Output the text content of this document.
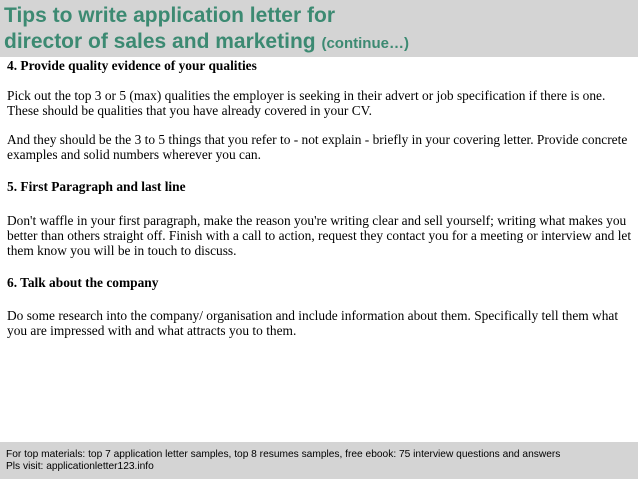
Tips to write application letter for
director of sales and marketing (continue…)

4. Provide quality evidence of your qualities

Pick out the top 3 or 5 (max) qualities the employer is seeking in their advert or job specification if there is one. These should be qualities that you have already covered in your CV.

And they should be the 3 to 5 things that you refer to - not explain - briefly in your covering letter. Provide concrete examples and solid numbers wherever you can.

5. First Paragraph and last line

Don't waffle in your first paragraph, make the reason you're writing clear and sell yourself; writing what makes you better than others straight off. Finish with a call to action, request they contact you for a meeting or interview and let them know you will be in touch to discuss.

6. Talk about the company

Do some research into the company/ organisation and include information about them. Specifically tell them what you are impressed with and what attracts you to them.

For top materials: top 7 application letter samples, top 8 resumes samples, free ebook: 75 interview questions and answers

Pls visit: applicationletter123.info
